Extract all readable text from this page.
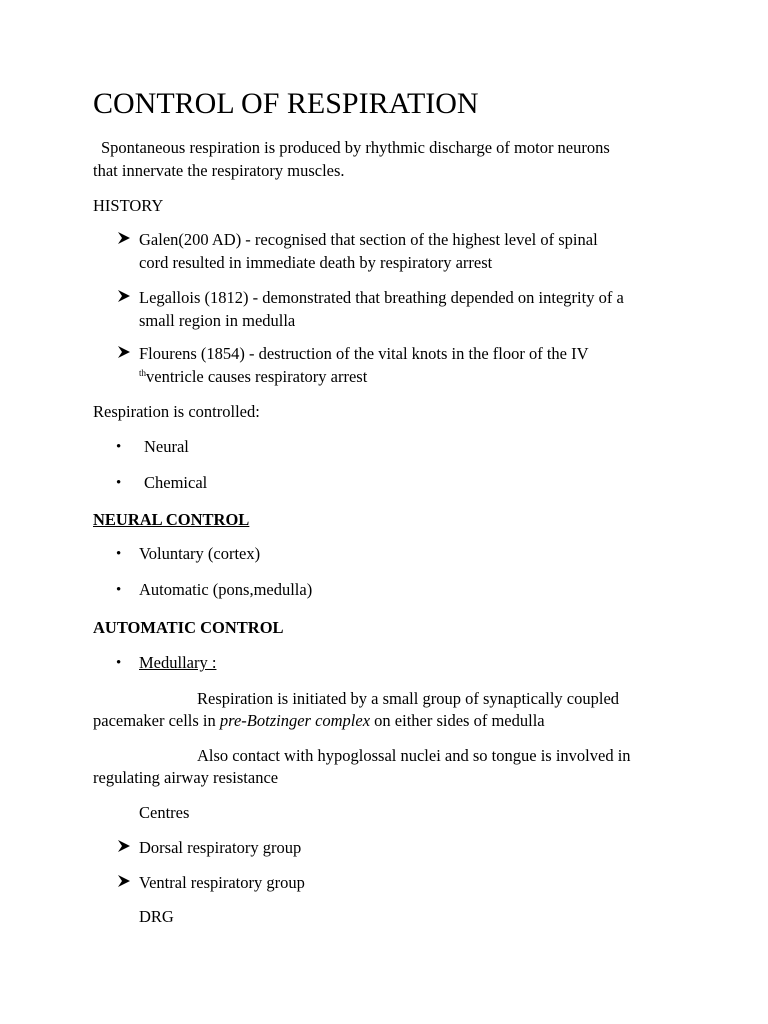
CONTROL OF RESPIRATION
Spontaneous respiration is produced by rhythmic discharge of motor neurons
that innervate the respiratory muscles.
HISTORY
Galen(200 AD) - recognised that section of the highest level of spinal
cord resulted in immediate death by respiratory arrest
Legallois (1812) - demonstrated that breathing depended on integrity of a
small region in medulla
Flourens (1854) - destruction of the vital knots in the floor of the IV
$^{th}$ventricle causes respiratory arrest
Respiration is controlled:
• Neural
• Chemical
NEURAL CONTROL
• Voluntary (cortex)
• Automatic (pons,medulla)
AUTOMATIC CONTROL
• Medullary :
Respiration is initiated by a small group of synaptically coupled
pacemaker cells in pre-Botzinger complex on either sides of medulla
Also contact with hypoglossal nuclei and so tongue is involved in
regulating airway resistance
Centres
Dorsal respiratory group
Ventral respiratory group
DRG
